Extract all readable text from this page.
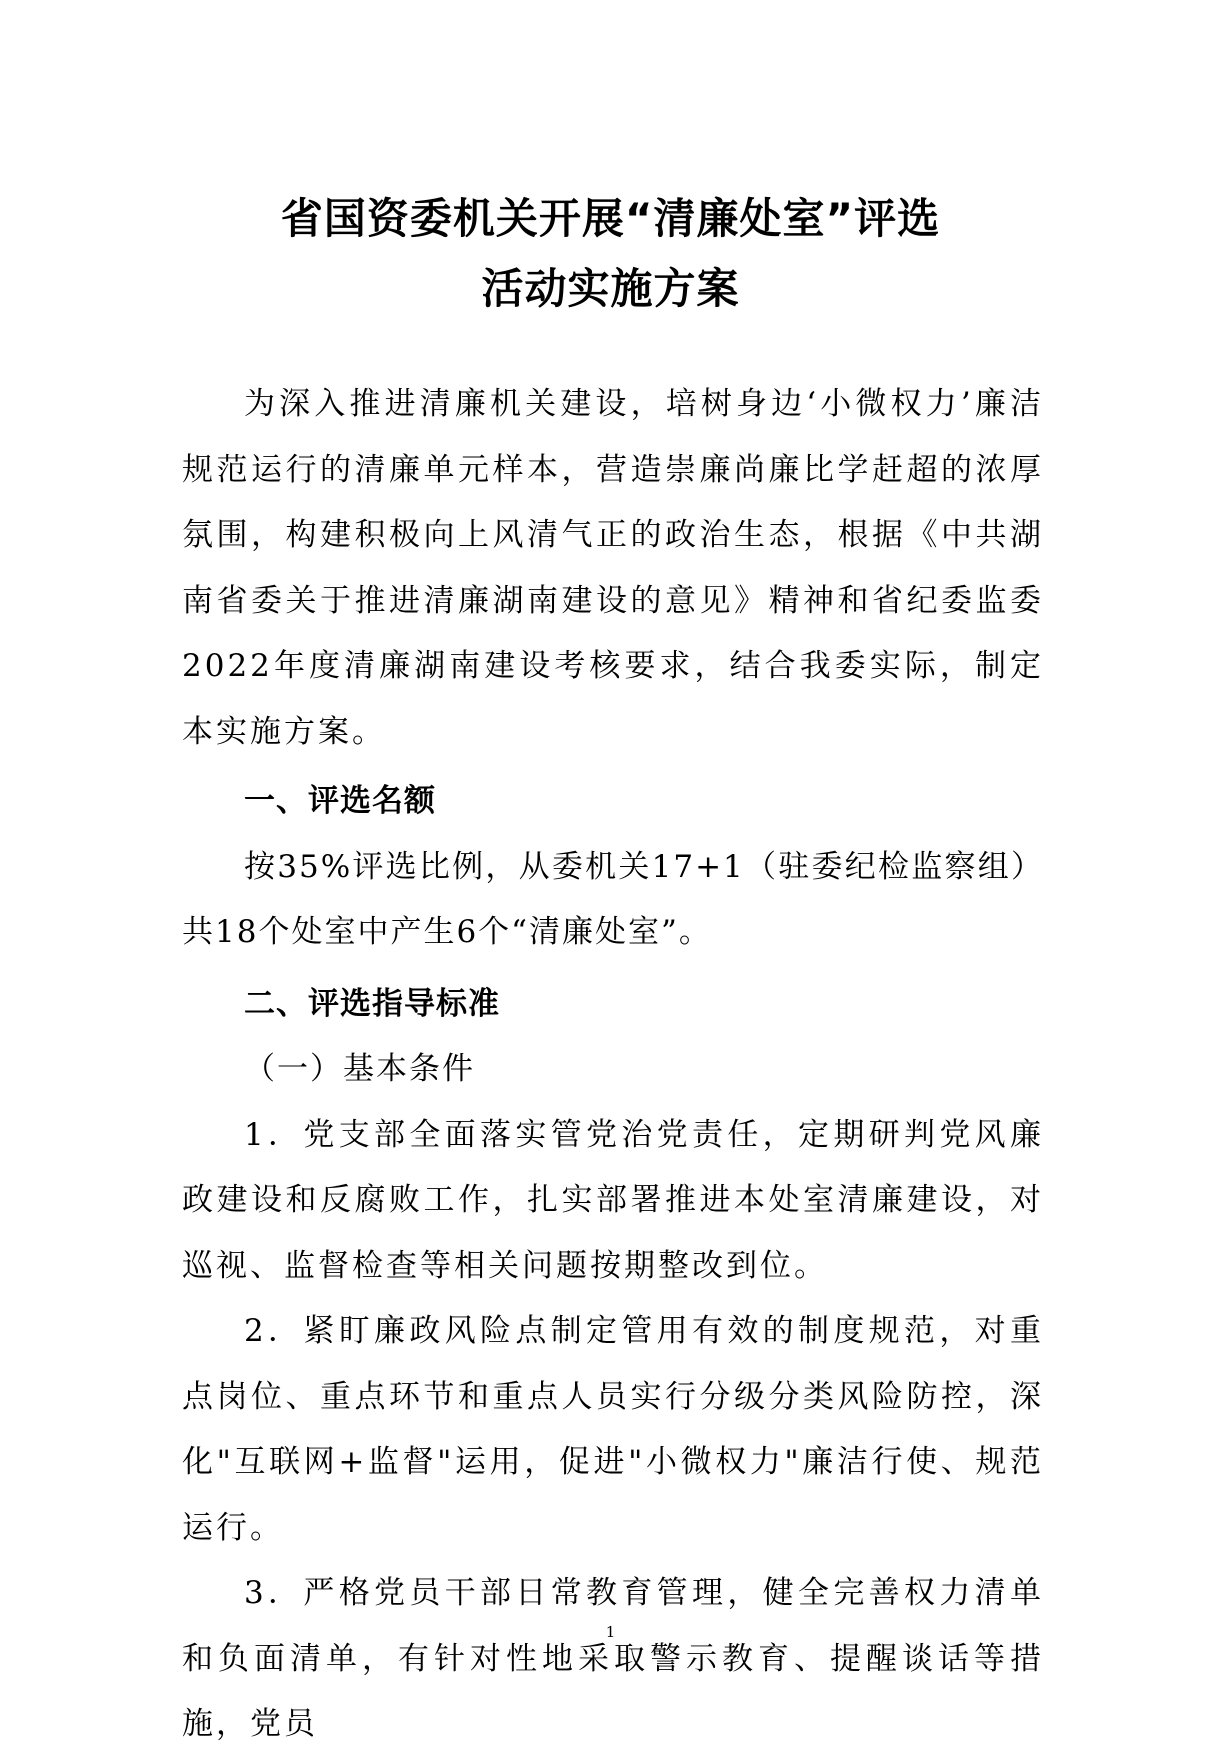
省国资委机关开展“清廉处室”评选
活动实施方案

为深入推进清廉机关建设，培树身边‘小微权力’廉洁规范运行的清廉单元样本，营造崇廉尚廉比学赶超的浓厚氛围，构建积极向上风清气正的政治生态，根据《中共湖南省委关于推进清廉湖南建设的意见》精神和省纪委监委2022年度清廉湖南建设考核要求，结合我委实际，制定本实施方案。

一、评选名额

按35%评选比例，从委机关17+1（驻委纪检监察组）共18个处室中产生6个“清廉处室”。

二、评选指导标准

（一）基本条件

1．党支部全面落实管党治党责任，定期研判党风廉政建设和反腐败工作，扎实部署推进本处室清廉建设，对巡视、监督检查等相关问题按期整改到位。

2．紧盯廉政风险点制定管用有效的制度规范，对重点岗位、重点环节和重点人员实行分级分类风险防控，深化"互联网+监督"运用，促进"小微权力"廉洁行使、规范运行。

3．严格党员干部日常教育管理，健全完善权力清单和负面清单，有针对性地采取警示教育、提醒谈话等措施，党员

1
